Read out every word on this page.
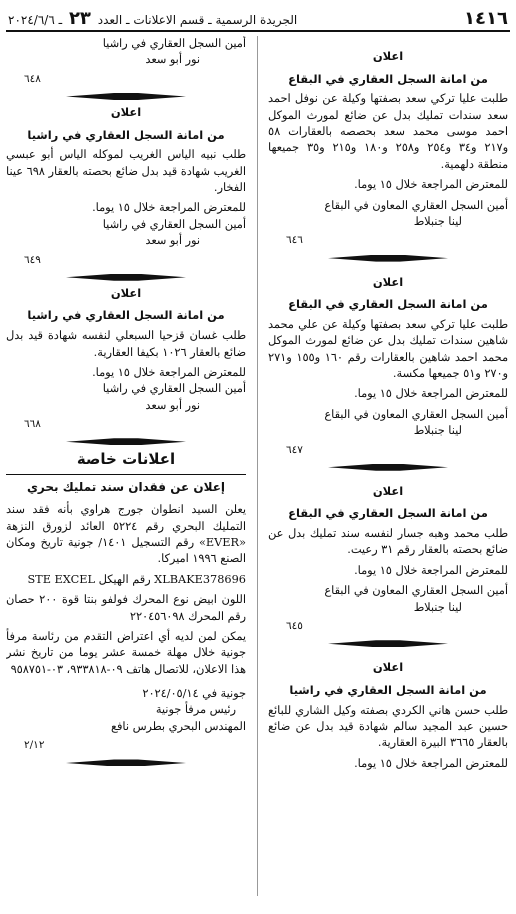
١٤١٦
الجريدة الرسمية ـ قسم الاعلانات ـ العدد ٢٣ ـ ٢٠٢٤/٦/٦
اعلان
من امانة السجل العقاري في البقاع
طلبت عليا تركي سعد بصفتها وكيلة عن نوفل احمد سعد سندات تمليك بدل عن ضائع لمورث الموكل احمد موسى محمد سعد بحصصه بالعقارات ٥٨ و٢١٧ و٣٤ و٢٥٤ و٢٥٨ و١٨٠ و٢١٥ و٣٥ جميعها منطقة دلهمية.
للمعترض المراجعة خلال ١٥ يوما.
أمين السجل العقاري المعاون في البقاع
لينا جنبلاط
٦٤٦
اعلان
من امانة السجل العقاري في البقاع
طلبت عليا تركي سعد بصفتها وكيلة عن علي محمد شاهين سندات تمليك بدل عن ضائع لمورث الموكل محمد احمد شاهين بالعقارات رقم ١٦٠ و١٥٥ و٢٧١ و٢٧٠ و٥١ جميعها مكسة.
للمعترض المراجعة خلال ١٥ يوما.
أمين السجل العقاري المعاون في البقاع
لينا جنبلاط
٦٤٧
اعلان
من امانة السجل العقاري في البقاع
طلب محمد وهبه جسار لنفسه سند تمليك بدل عن ضائع بحصته بالعقار رقم ٣١ رعيت.
للمعترض المراجعة خلال ١٥ يوما.
أمين السجل العقاري المعاون في البقاع
لينا جنبلاط
٦٤٥
اعلان
من امانة السجل العقاري في راشيا
طلب حسن هاني الكردي بصفته وكيل الشاري للبائع حسين عبد المجيد سالم شهادة قيد بدل عن ضائع بالعقار ٣٦٦٥ البيرة العقارية.
للمعترض المراجعة خلال ١٥ يوما.
أمين السجل العقاري في راشيا
نور أبو سعد
٦٤٨
اعلان
من امانة السجل العقاري في راشيا
طلب نبيه الياس الغريب لموكله الياس أبو عبسي الغريب شهادة قيد بدل ضائع بحصته بالعقار ٦٩٨ عينا الفخار.
للمعترض المراجعة خلال ١٥ يوما.
أمين السجل العقاري في راشيا
نور أبو سعد
٦٤٩
اعلان
من امانة السجل العقاري في راشيا
طلب غسان قزحيا السبعلي لنفسه شهادة قيد بدل ضائع بالعقار ١٠٢٦ بكيفا العقارية.
للمعترض المراجعة خلال ١٥ يوما.
أمين السجل العقاري في راشيا
نور أبو سعد
٦٦٨
اعلانات خاصة
إعلان عن فقدان سند تمليك بحري
يعلن السيد انطوان جورج هراوي بأنه فقد سند التمليك البحري رقم ٥٢٢٤ العائد لزورق النزهة «EVER» رقم التسجيل ١٤٠١/ جونية تاريخ ومكان الصنع ١٩٩٦ اميركا.
STE EXCEL رقم الهيكل XLBAKE378696
اللون ابيض نوع المحرك فولفو بنتا قوة ٢٠٠ حصان رقم المحرك ٢٢٠٤٥٦٠٩٨
يمكن لمن لديه أي اعتراض التقدم من رئاسة مرفأ جونية خلال مهلة خمسة عشر يوما من تاريخ نشر هذا الاعلان، للاتصال هاتف ٠٩-٩٣٣٨١٨، ٠٣-٩٥٨٧٥١
جونية في ٢٠٢٤/٠٥/١٤
رئيس مرفأ جونية
المهندس البحري بطرس نافع
٢/١٢
